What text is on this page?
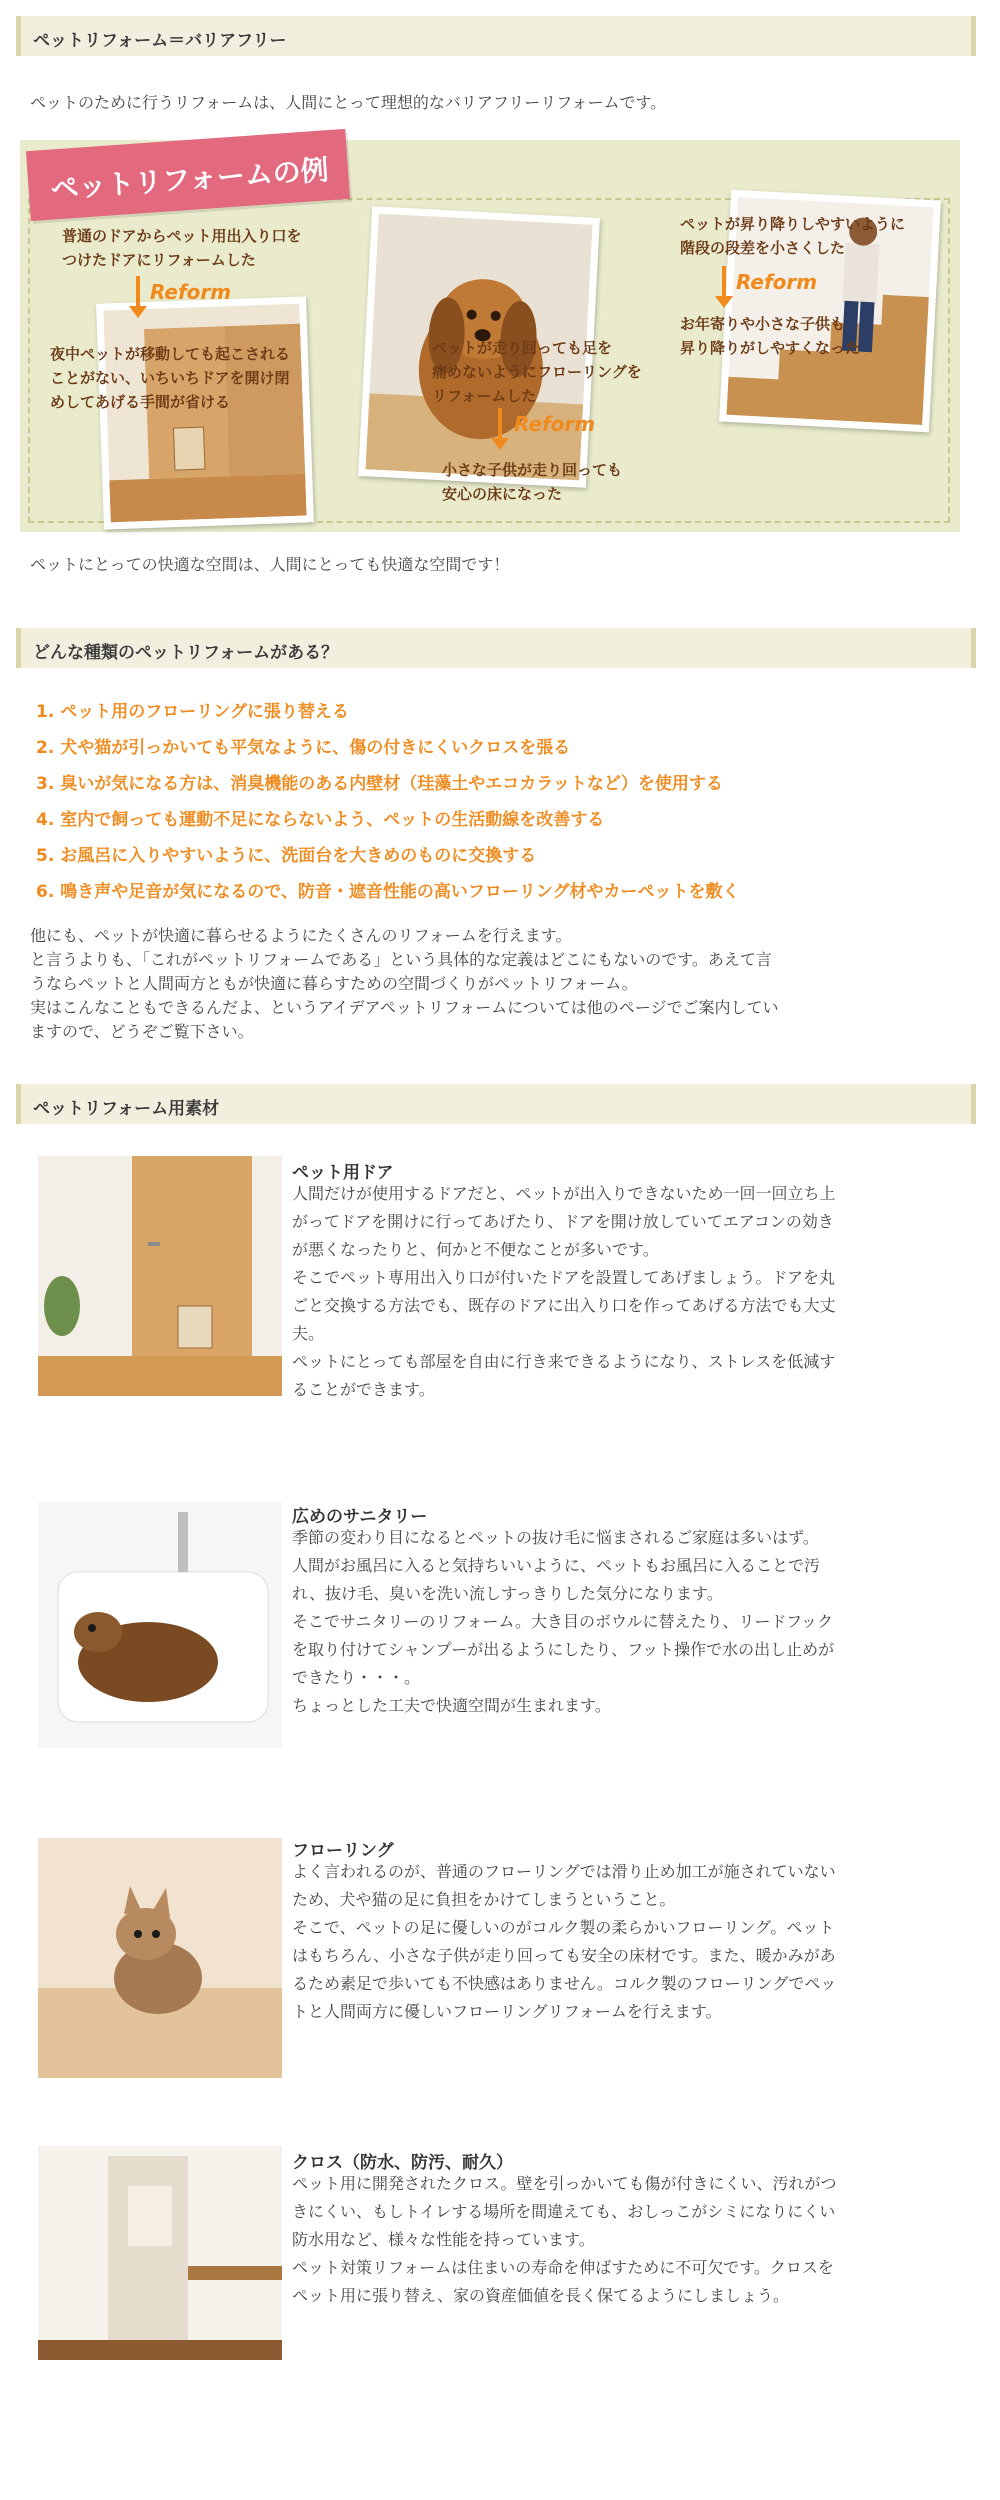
ペットリフォーム＝バリアフリー
ペットのために行うリフォームは、人間にとって理想的なバリアフリーリフォームです。
ペットリフォームの例
普通のドアからペット用出入り口を
つけたドアにリフォームした
Reform
夜中ペットが移動しても起こされる
ことがない、いちいちドアを開け閉
めしてあげる手間が省ける
ペットが走り回っても足を
痛めないようにフローリングを
リフォームした
Reform
小さな子供が走り回っても
安心の床になった
ペットが昇り降りしやすいように
階段の段差を小さくした
Reform
お年寄りや小さな子供も
昇り降りがしやすくなった
ペットにとっての快適な空間は、人間にとっても快適な空間です！
どんな種類のペットリフォームがある？
1. ペット用のフローリングに張り替える
2. 犬や猫が引っかいても平気なように、傷の付きにくいクロスを張る
3. 臭いが気になる方は、消臭機能のある内壁材（珪藻土やエコカラットなど）を使用する
4. 室内で飼っても運動不足にならないよう、ペットの生活動線を改善する
5. お風呂に入りやすいように、洗面台を大きめのものに交換する
6. 鳴き声や足音が気になるので、防音・遮音性能の高いフローリング材やカーペットを敷く
他にも、ペットが快適に暮らせるようにたくさんのリフォームを行えます。
と言うよりも、「これがペットリフォームである」という具体的な定義はどこにもないのです。あえて言
うならペットと人間両方ともが快適に暮らすための空間づくりがペットリフォーム。
実はこんなこともできるんだよ、というアイデアペットリフォームについては他のページでご案内してい
ますので、どうぞご覧下さい。
ペットリフォーム用素材
ペット用ドア
人間だけが使用するドアだと、ペットが出入りできないため一回一回立ち上
がってドアを開けに行ってあげたり、ドアを開け放していてエアコンの効き
が悪くなったりと、何かと不便なことが多いです。
そこでペット専用出入り口が付いたドアを設置してあげましょう。ドアを丸
ごと交換する方法でも、既存のドアに出入り口を作ってあげる方法でも大丈
夫。
ペットにとっても部屋を自由に行き来できるようになり、ストレスを低減す
ることができます。
広めのサニタリー
季節の変わり目になるとペットの抜け毛に悩まされるご家庭は多いはず。
人間がお風呂に入ると気持ちいいように、ペットもお風呂に入ることで汚
れ、抜け毛、臭いを洗い流しすっきりした気分になります。
そこでサニタリーのリフォーム。大き目のボウルに替えたり、リードフック
を取り付けてシャンプーが出るようにしたり、フット操作で水の出し止めが
できたり・・・。
ちょっとした工夫で快適空間が生まれます。
フローリング
よく言われるのが、普通のフローリングでは滑り止め加工が施されていない
ため、犬や猫の足に負担をかけてしまうということ。
そこで、ペットの足に優しいのがコルク製の柔らかいフローリング。ペット
はもちろん、小さな子供が走り回っても安全の床材です。また、暖かみがあ
るため素足で歩いても不快感はありません。コルク製のフローリングでペッ
トと人間両方に優しいフローリングリフォームを行えます。
クロス（防水、防汚、耐久）
ペット用に開発されたクロス。壁を引っかいても傷が付きにくい、汚れがつ
きにくい、もしトイレする場所を間違えても、おしっこがシミになりにくい
防水用など、様々な性能を持っています。
ペット対策リフォームは住まいの寿命を伸ばすために不可欠です。クロスを
ペット用に張り替え、家の資産価値を長く保てるようにしましょう。
